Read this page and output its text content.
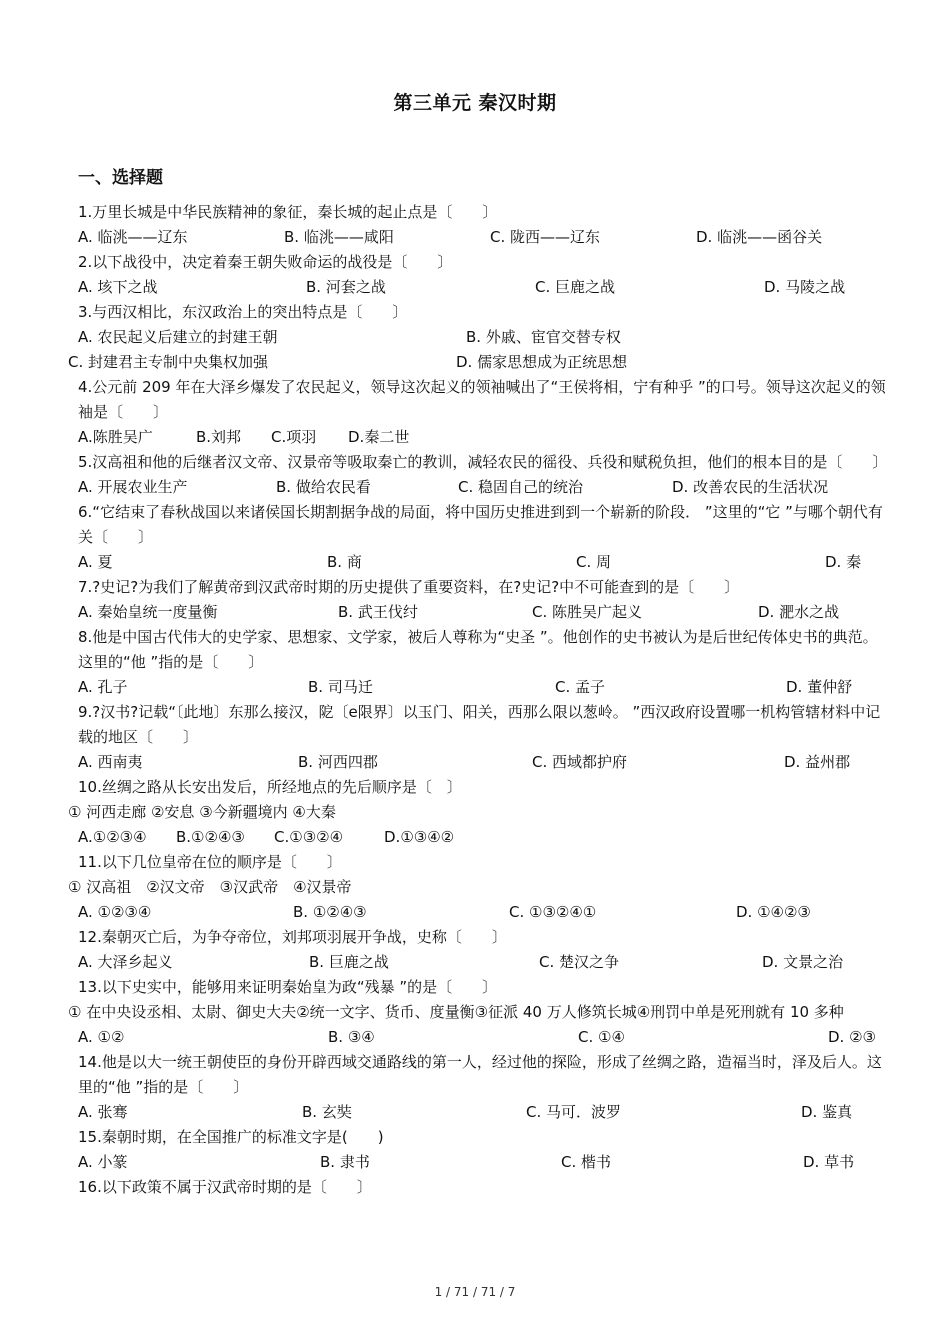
第三单元 秦汉时期
一、选择题
1.万里长城是中华民族精神的象征，秦长城的起止点是〔　　〕
A. 临洮——辽东	B. 临洮——咸阳	C. 陇西——辽东	D. 临洮——函谷关
2.以下战役中，决定着秦王朝失败命运的战役是〔　　〕
A. 垓下之战	B. 河套之战	C. 巨鹿之战	D. 马陵之战
3.与西汉相比，东汉政治上的突出特点是〔　　〕
A. 农民起义后建立的封建王朝	B. 外戚、宦官交替专权
C. 封建君主专制中央集权加强	D. 儒家思想成为正统思想
4.公元前 209 年在大泽乡爆发了农民起义，领导这次起义的领袖喊出了“王侯将相，宁有种乎 ”的口号。领导这次起义的领袖是〔　　〕
A.陈胜吴广	B.刘邦 C.项羽 D.秦二世
5.汉高祖和他的后继者汉文帝、汉景帝等吸取秦亡的教训，减轻农民的徭役、兵役和赋税负担，他们的根本目的是〔　　〕
A. 开展农业生产	B. 做给农民看	C. 稳固自己的统治	D. 改善农民的生活状况
6.“它结束了春秋战国以来诸侯国长期割据争战的局面，将中国历史推进到到一个崭新的阶段． ”这里的“它 ”与哪个朝代有关〔　　〕
A. 夏	B. 商	C. 周	D. 秦
7.?史记?为我们了解黄帝到汉武帝时期的历史提供了重要资料，在?史记?中不可能查到的是〔　　〕
A. 秦始皇统一度量衡	B. 武王伐纣	C. 陈胜吴广起义	D. 淝水之战
8.他是中国古代伟大的史学家、思想家、文学家，被后人尊称为“史圣 ”。他创作的史书被认为是后世纪传体史书的典范。这里的“他 ”指的是〔　　〕
A. 孔子	B. 司马迁	C. 孟子	D. 董仲舒
9.?汉书?记载“〔此地〕东那么接汉，阸〔e限界〕以玉门、阳关，西那么限以葱岭。 ”西汉政府设置哪一机构管辖材料中记载的地区〔　　〕
A. 西南夷	B. 河西四郡	C. 西域都护府	D. 益州郡
10.丝绸之路从长安出发后，所经地点的先后顺序是〔　〕
① 河西走廊 ②安息 ③今新疆境内 ④大秦
A.①②③④ B.①②④③ C.①③②④	D.①③④②
11.以下几位皇帝在位的顺序是〔　　〕
① 汉高祖　②汉文帝　③汉武帝　④汉景帝
A. ①②③④	B. ①②④③	C. ①③②④①	D. ①④②③
12.秦朝灭亡后，为争夺帝位，刘邦项羽展开争战，史称〔　　〕
A. 大泽乡起义	B. 巨鹿之战	C. 楚汉之争	D. 文景之治
13.以下史实中，能够用来证明秦始皇为政“残暴 ”的是〔　　〕
① 在中央设丞相、太尉、御史大夫②统一文字、货币、度量衡③征派 40 万人修筑长城④刑罚中单是死刑就有 10 多种
A. ①②	B. ③④	C. ①④	D. ②③
14.他是以大一统王朝使臣的身份开辟西域交通路线的第一人，经过他的探险，形成了丝绸之路，造福当时，泽及后人。这里的“他 ”指的是〔　　〕
A. 张骞	B. 玄奘	C. 马可．波罗	D. 鉴真
15.秦朝时期，在全国推广的标准文字是(　　)
A. 小篆	B. 隶书	C. 楷书	D. 草书
16.以下政策不属于汉武帝时期的是〔　　〕
1 / 71 / 71 / 7
